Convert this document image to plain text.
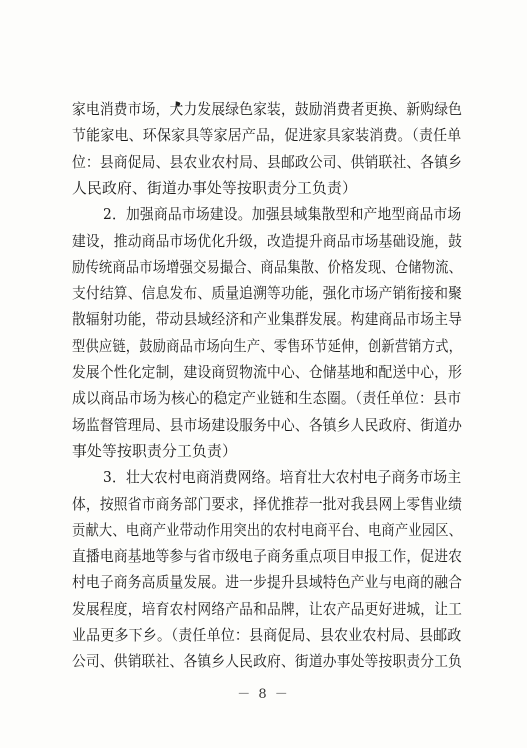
家电消费市场，大力发展绿色家装，鼓励消费者更换、新购绿色
节能家电、环保家具等家居产品，促进家具家装消费。（责任单
位：县商促局、县农业农村局、县邮政公司、供销联社、各镇乡
人民政府、街道办事处等按职责分工负责）
2．加强商品市场建设。加强县域集散型和产地型商品市场
建设，推动商品市场优化升级，改造提升商品市场基础设施，鼓
励传统商品市场增强交易撮合、商品集散、价格发现、仓储物流、
支付结算、信息发布、质量追溯等功能，强化市场产销衔接和聚
散辐射功能，带动县域经济和产业集群发展。构建商品市场主导
型供应链，鼓励商品市场向生产、零售环节延伸，创新营销方式，
发展个性化定制，建设商贸物流中心、仓储基地和配送中心，形
成以商品市场为核心的稳定产业链和生态圈。（责任单位：县市
场监督管理局、县市场建设服务中心、各镇乡人民政府、街道办
事处等按职责分工负责）
3．壮大农村电商消费网络。培育壮大农村电子商务市场主
体，按照省市商务部门要求，择优推荐一批对我县网上零售业绩
贡献大、电商产业带动作用突出的农村电商平台、电商产业园区、
直播电商基地等参与省市级电子商务重点项目申报工作，促进农
村电子商务高质量发展。进一步提升县域特色产业与电商的融合
发展程度，培育农村网络产品和品牌，让农产品更好进城，让工
业品更多下乡。（责任单位：县商促局、县农业农村局、县邮政
公司、供销联社、各镇乡人民政府、街道办事处等按职责分工负
－ 8 －
